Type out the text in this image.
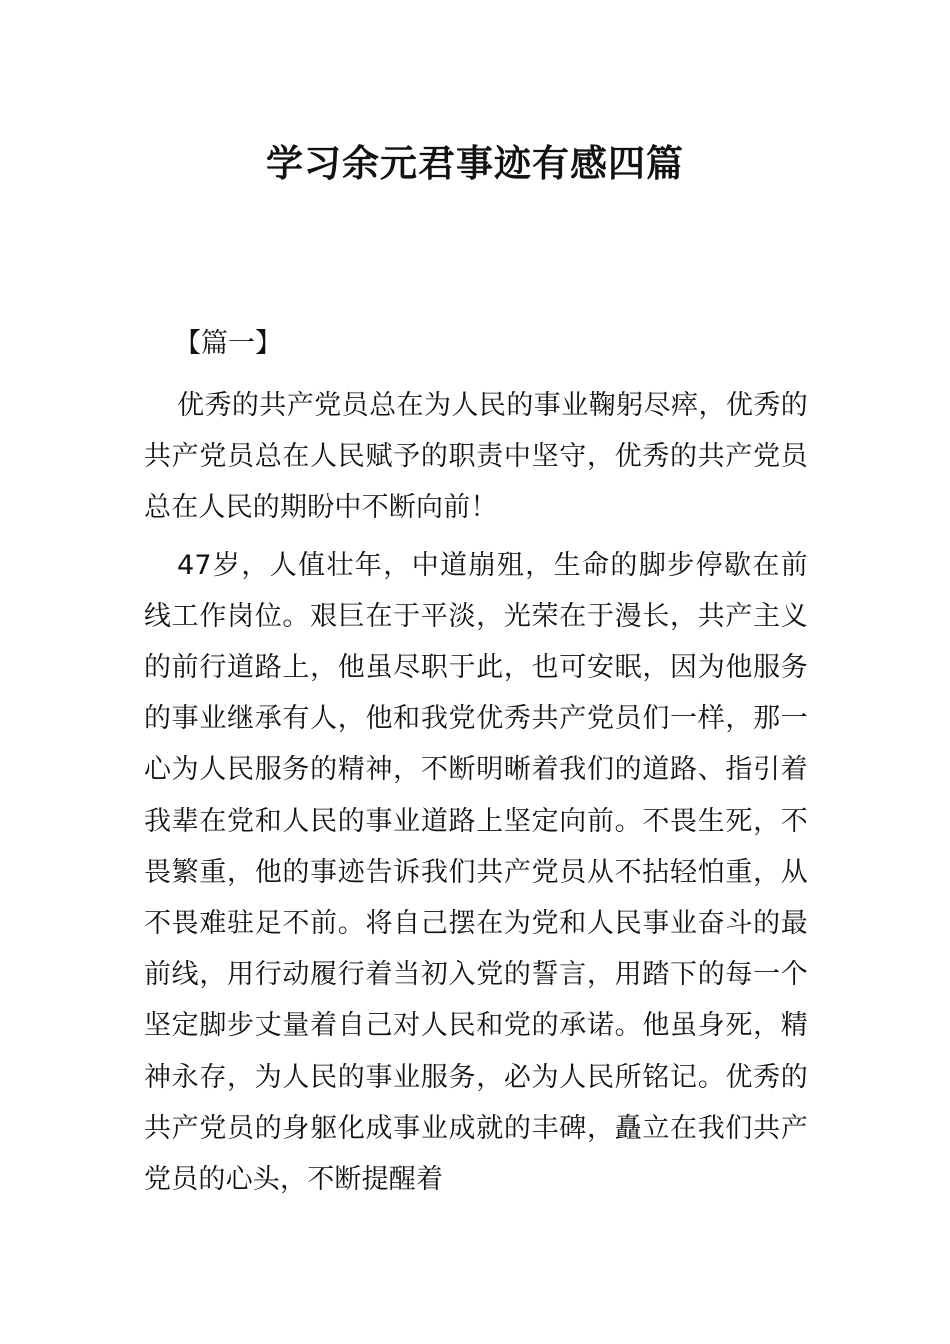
学习余元君事迹有感四篇
【篇一】

优秀的共产党员总在为人民的事业鞠躬尽瘁，优秀的共产党员总在人民赋予的职责中坚守，优秀的共产党员总在人民的期盼中不断向前！

47岁，人值壮年，中道崩殂，生命的脚步停歇在前线工作岗位。艰巨在于平淡，光荣在于漫长，共产主义的前行道路上，他虽尽职于此，也可安眠，因为他服务的事业继承有人，他和我党优秀共产党员们一样，那一心为人民服务的精神，不断明晰着我们的道路、指引着我辈在党和人民的事业道路上坚定向前。不畏生死，不畏繁重，他的事迹告诉我们共产党员从不拈轻怕重，从不畏难驻足不前。将自己摆在为党和人民事业奋斗的最前线，用行动履行着当初入党的誓言，用踏下的每一个坚定脚步丈量着自己对人民和党的承诺。他虽身死，精神永存，为人民的事业服务，必为人民所铭记。优秀的共产党员的身躯化成事业成就的丰碑，矗立在我们共产党员的心头，不断提醒着
